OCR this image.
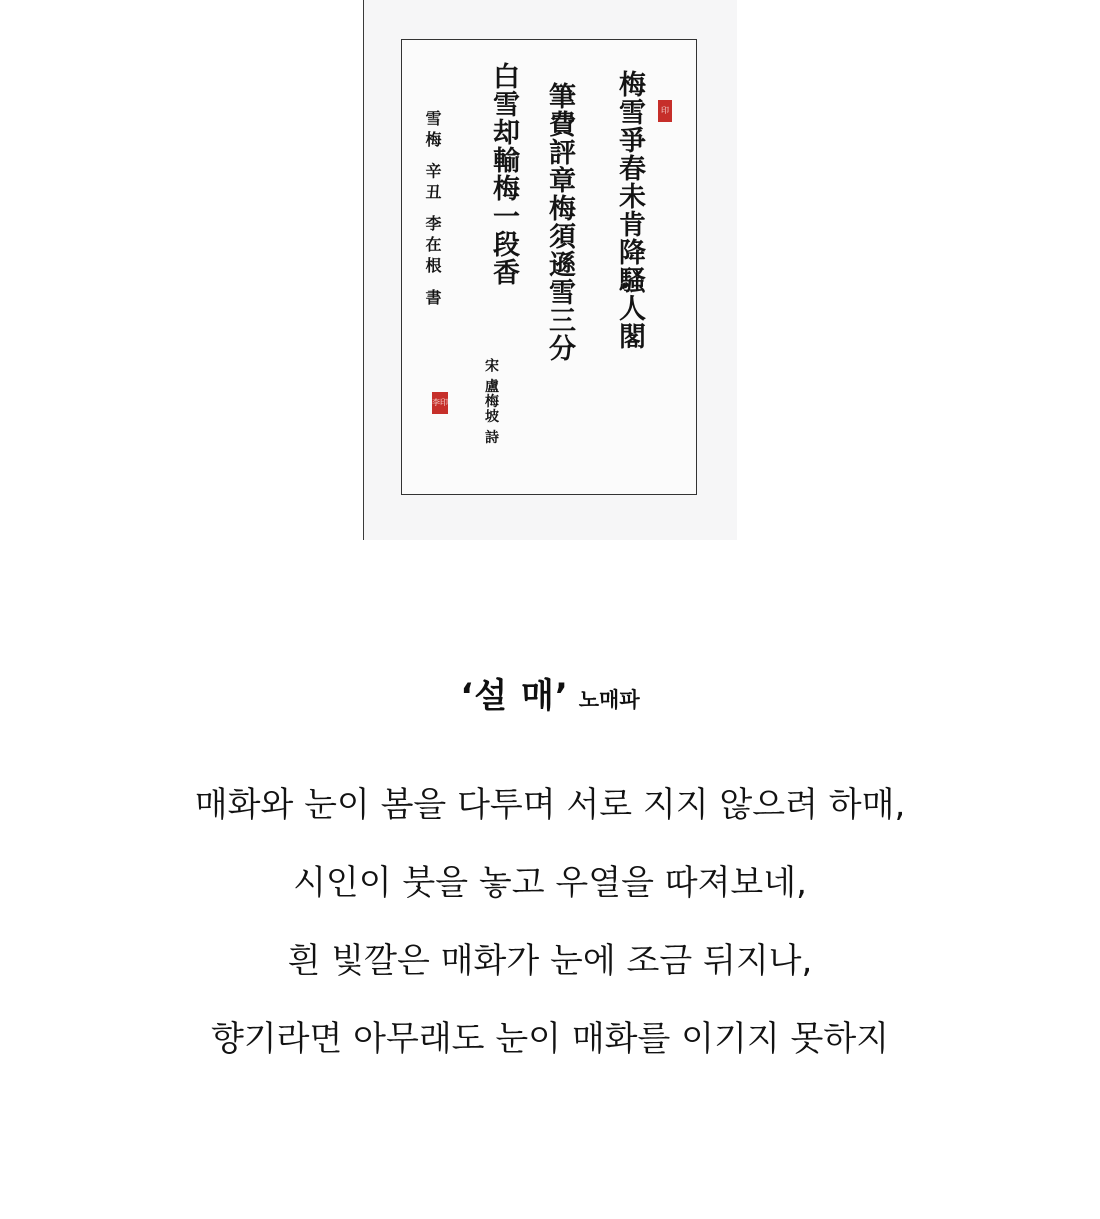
梅雪爭春未肯降騷人閣	印
筆費評章梅須遜雪三分
白雪却輸梅一段香
宋 盧梅坡 詩
雪梅 辛丑 李在根 書
李印
‘설 매’ 노매파
매화와 눈이 봄을 다투며 서로 지지 않으려 하매,
시인이 붓을 놓고 우열을 따져보네,
흰 빛깔은 매화가 눈에 조금 뒤지나,
향기라면 아무래도 눈이 매화를 이기지 못하지
